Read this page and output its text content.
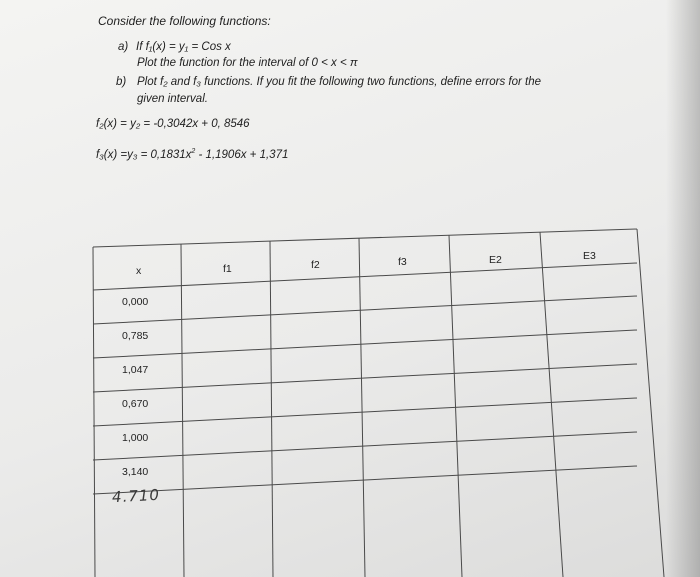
Consider the following functions:
a) If f₁(x) = y₁ = Cos x
Plot the function for the interval of 0 < x < π
b) Plot f₂ and f₃ functions. If you fit the following two functions, define errors for the
given interval.
f₂(x) = y₂ = -0,3042x + 0, 8546
$f_3(x) =y_3 = 0,1831x^2 - 1,1906x + 1,371$
x	f1	f2	f3	E2	E3
0,000
0,785
1,047
0,670
1,000
3,140
4.710
